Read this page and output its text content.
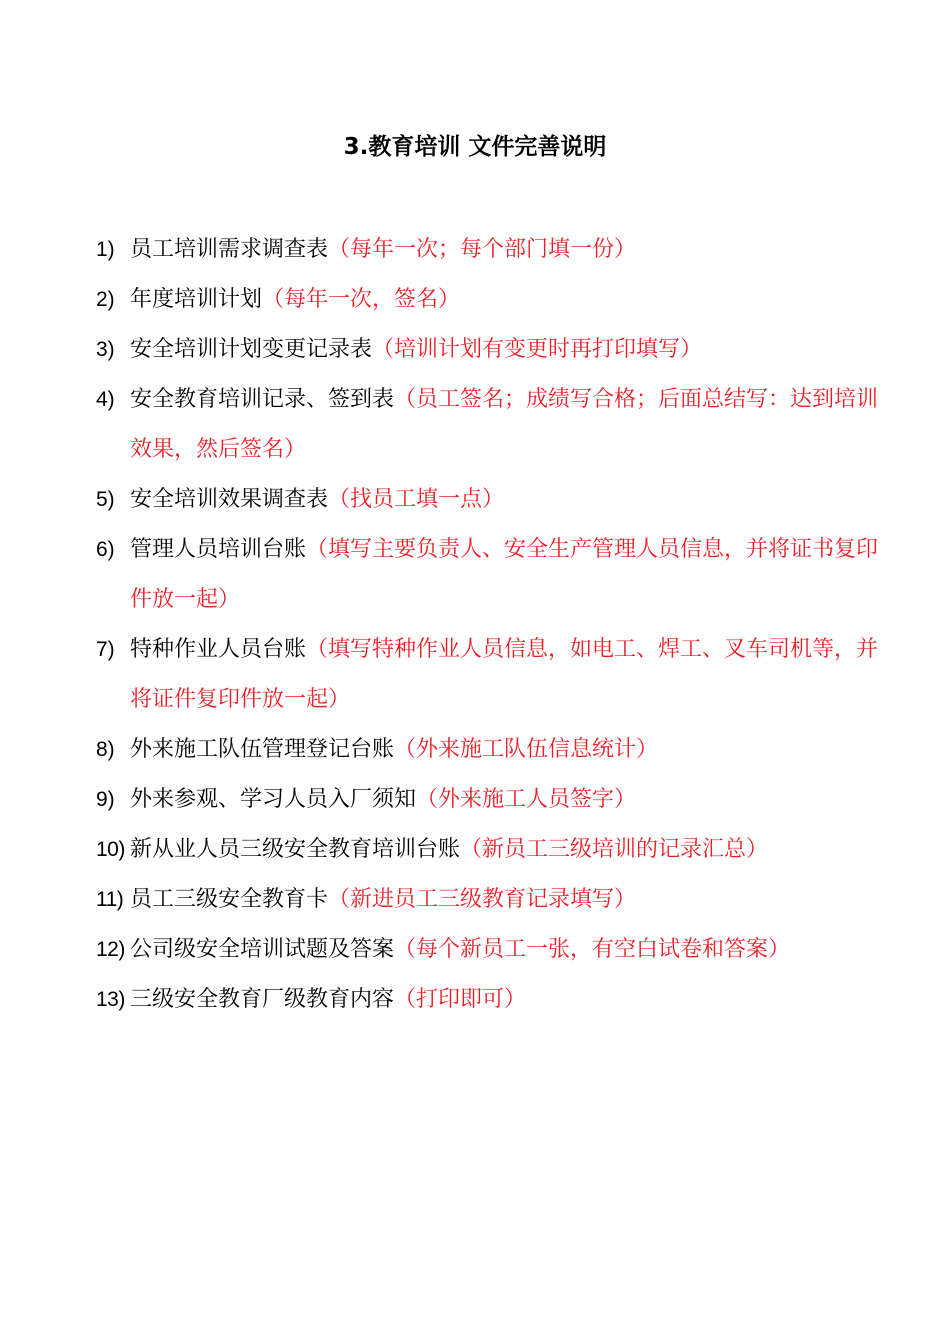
3.教育培训 文件完善说明
1) 员工培训需求调查表（每年一次；每个部门填一份）
2) 年度培训计划（每年一次，签名）
3) 安全培训计划变更记录表（培训计划有变更时再打印填写）
4) 安全教育培训记录、签到表（员工签名；成绩写合格；后面总结写：达到培训效果，然后签名）
5) 安全培训效果调查表（找员工填一点）
6) 管理人员培训台账（填写主要负责人、安全生产管理人员信息，并将证书复印件放一起）
7) 特种作业人员台账（填写特种作业人员信息，如电工、焊工、叉车司机等，并将证件复印件放一起）
8) 外来施工队伍管理登记台账（外来施工队伍信息统计）
9) 外来参观、学习人员入厂须知（外来施工人员签字）
10) 新从业人员三级安全教育培训台账（新员工三级培训的记录汇总）
11) 员工三级安全教育卡（新进员工三级教育记录填写）
12) 公司级安全培训试题及答案（每个新员工一张，有空白试卷和答案）
13) 三级安全教育厂级教育内容（打印即可）
